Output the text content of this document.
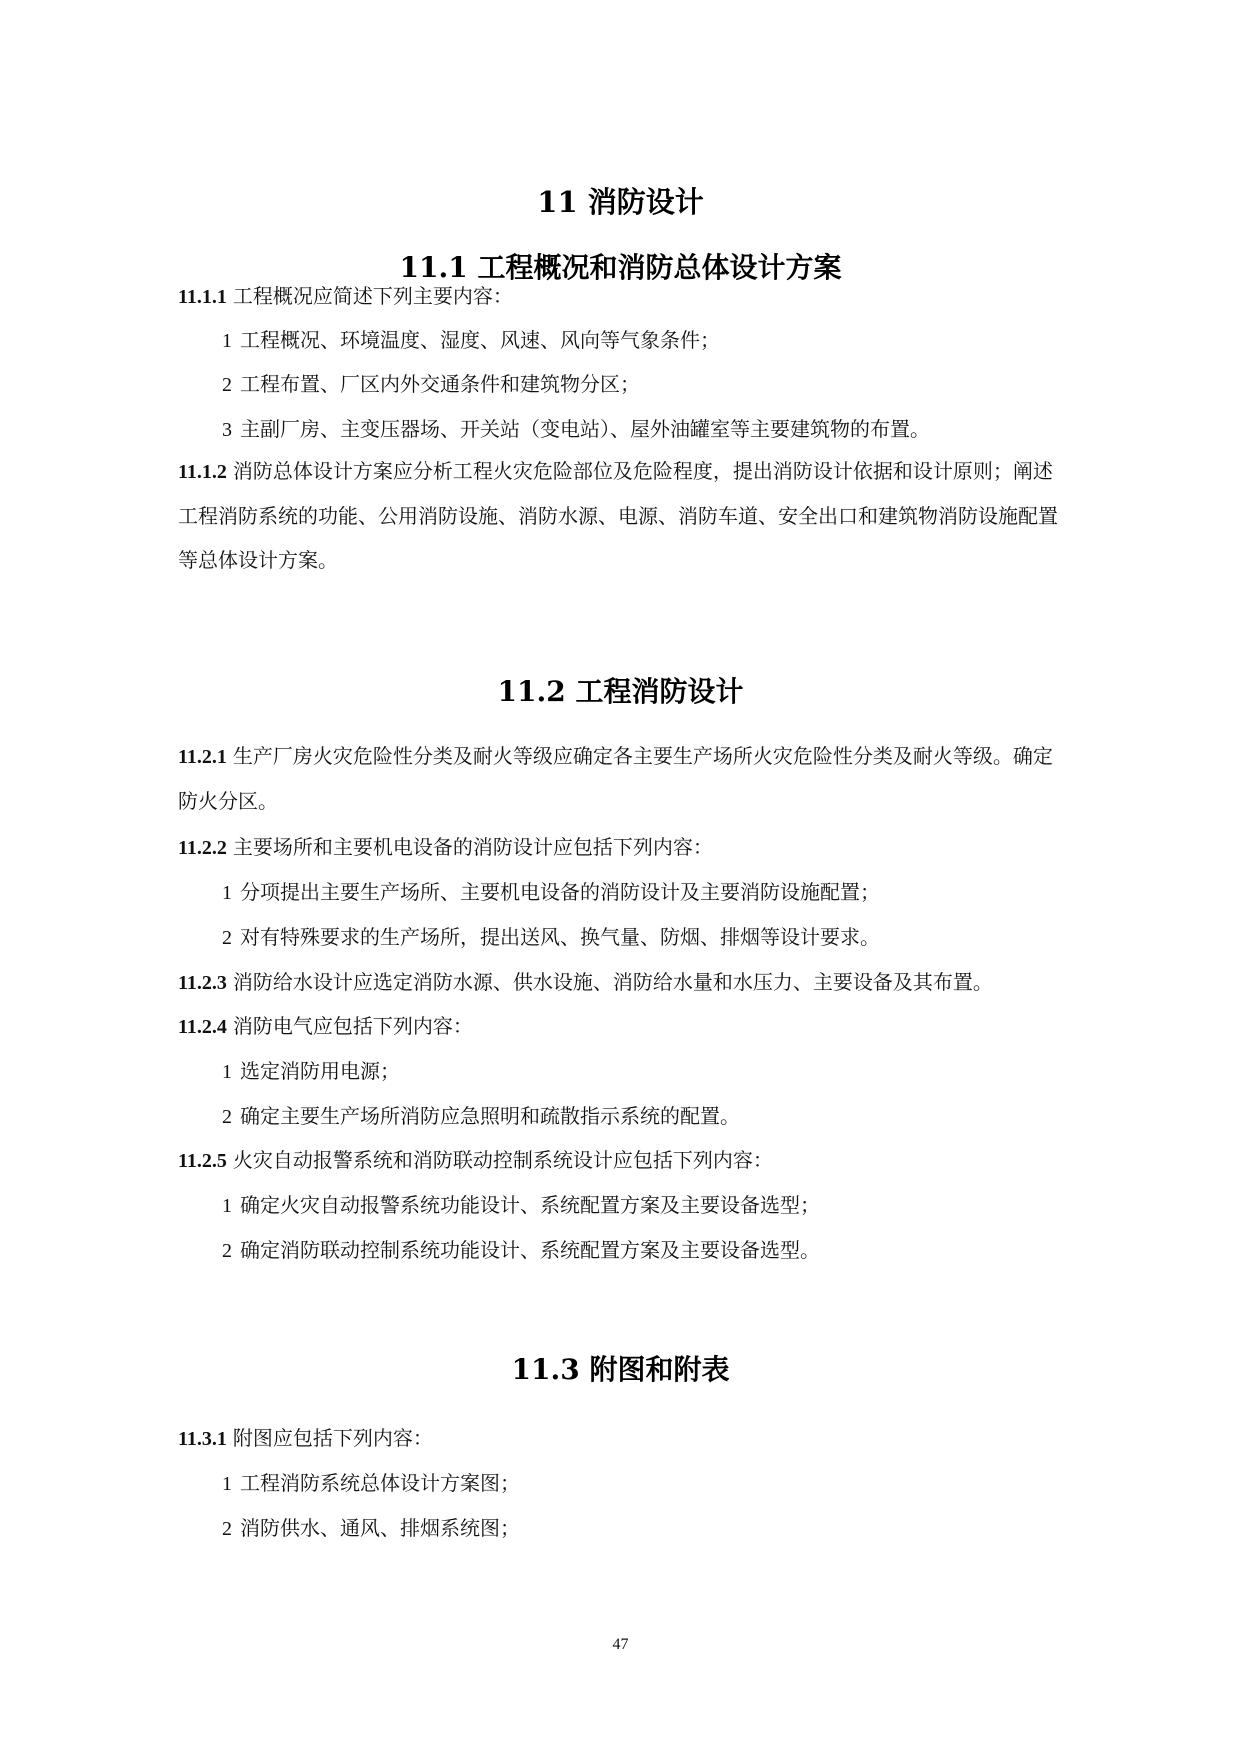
11 消防设计
11.1 工程概况和消防总体设计方案

11.1.1 工程概况应简述下列主要内容：

1 工程概况、环境温度、湿度、风速、风向等气象条件；

2 工程布置、厂区内外交通条件和建筑物分区；

3 主副厂房、主变压器场、开关站（变电站）、屋外油罐室等主要建筑物的布置。

11.1.2 消防总体设计方案应分析工程火灾危险部位及危险程度，提出消防设计依据和设计原则；阐述工程消防系统的功能、公用消防设施、消防水源、电源、消防车道、安全出口和建筑物消防设施配置等总体设计方案。

11.2 工程消防设计

11.2.1 生产厂房火灾危险性分类及耐火等级应确定各主要生产场所火灾危险性分类及耐火等级。确定防火分区。

11.2.2 主要场所和主要机电设备的消防设计应包括下列内容：

1 分项提出主要生产场所、主要机电设备的消防设计及主要消防设施配置；

2 对有特殊要求的生产场所，提出送风、换气量、防烟、排烟等设计要求。

11.2.3 消防给水设计应选定消防水源、供水设施、消防给水量和水压力、主要设备及其布置。

11.2.4 消防电气应包括下列内容：

1 选定消防用电源；

2 确定主要生产场所消防应急照明和疏散指示系统的配置。

11.2.5 火灾自动报警系统和消防联动控制系统设计应包括下列内容：

1 确定火灾自动报警系统功能设计、系统配置方案及主要设备选型；

2 确定消防联动控制系统功能设计、系统配置方案及主要设备选型。

11.3 附图和附表

11.3.1 附图应包括下列内容：

1 工程消防系统总体设计方案图；

2 消防供水、通风、排烟系统图；

47
